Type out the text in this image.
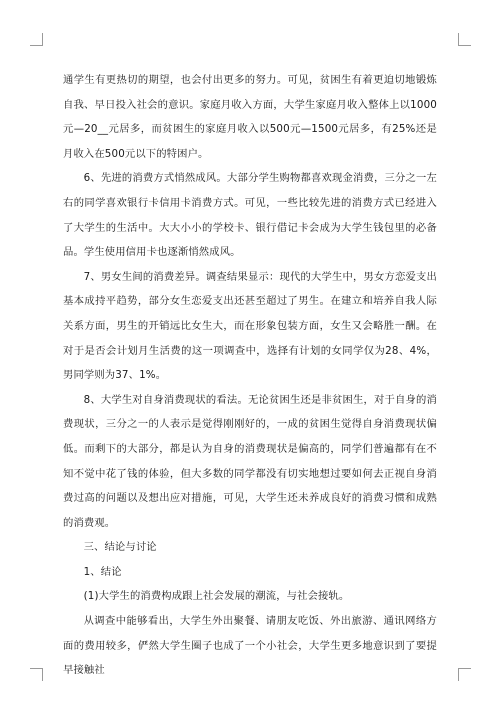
通学生有更热切的期望，也会付出更多的努力。可见，贫困生有着更迫切地锻炼自我、早日投入社会的意识。家庭月收入方面，大学生家庭月收入整体上以1000元—20__元居多，而贫困生的家庭月收入以500元—1500元居多，有25%还是月收入在500元以下的特困户。

6、先进的消费方式悄然成风。大部分学生购物都喜欢现金消费，三分之一左右的同学喜欢银行卡信用卡消费方式。可见，一些比较先进的消费方式已经进入了大学生的生活中。大大小小的学校卡、银行借记卡会成为大学生钱包里的必备品。学生使用信用卡也逐渐悄然成风。

7、男女生间的消费差异。调查结果显示：现代的大学生中，男女方恋爱支出基本成持平趋势，部分女生恋爱支出还甚至超过了男生。在建立和培养自我人际关系方面，男生的开销远比女生大，而在形象包装方面，女生又会略胜一酬。在对于是否会计划月生活费的这一项调查中，选择有计划的女同学仅为28、4%，男同学则为37、1%。

8、大学生对自身消费现状的看法。无论贫困生还是非贫困生，对于自身的消费现状，三分之一的人表示是觉得刚刚好的，一成的贫困生觉得自身消费现状偏低。而剩下的大部分，都是认为自身的消费现状是偏高的，同学们普遍都有在不知不觉中花了钱的体验，但大多数的同学都没有切实地想过要如何去正视自身消费过高的问题以及想出应对措施，可见，大学生还未养成良好的消费习惯和成熟的消费观。

三、结论与讨论

1、结论

(1)大学生的消费构成跟上社会发展的潮流，与社会接轨。

从调查中能够看出，大学生外出聚餐、请朋友吃饭、外出旅游、通讯网络方面的费用较多，俨然大学生圈子也成了一个小社会，大学生更多地意识到了要提早接触社
